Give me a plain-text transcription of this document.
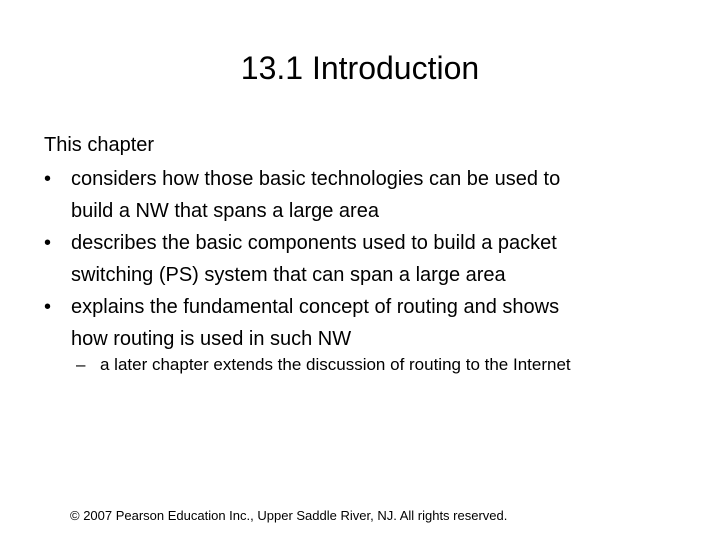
13.1 Introduction
This chapter
• considers how those basic technologies can be used to
build a NW that spans a large area
• describes the basic components used to build a packet
switching (PS) system that can span a large area
• explains the fundamental concept of routing and shows
how routing is used in such NW
– a later chapter extends the discussion of routing to the Internet
© 2007 Pearson Education Inc., Upper Saddle River, NJ. All rights reserved.
